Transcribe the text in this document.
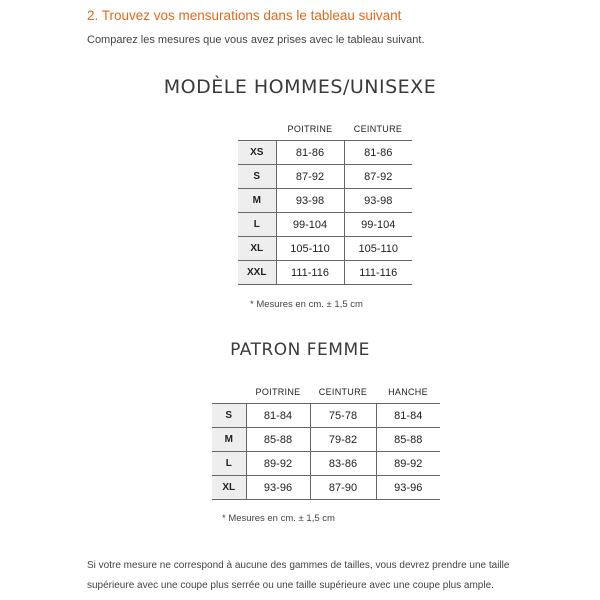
2. Trouvez vos mensurations dans le tableau suivant

Comparez les mesures que vous avez prises avec le tableau suivant.

MODÈLE HOMMES/UNISEXE
	POITRINE	CEINTURE
XS	81-86	81-86
S	87-92	87-92
M	93-98	93-98
L	99-104	99-104
XL	105-110	105-110
XXL	111-116	111-116

* Mesures en cm. ± 1,5 cm

PATRON FEMME
	POITRINE	CEINTURE	HANCHE
S	81-84	75-78	81-84
M	85-88	79-82	85-88
L	89-92	83-86	89-92
XL	93-96	87-90	93-96

* Mesures en cm. ± 1,5 cm

Si votre mesure ne correspond à aucune des gammes de tailles, vous devrez prendre une taille supérieure avec une coupe plus serrée ou une taille supérieure avec une coupe plus ample.
